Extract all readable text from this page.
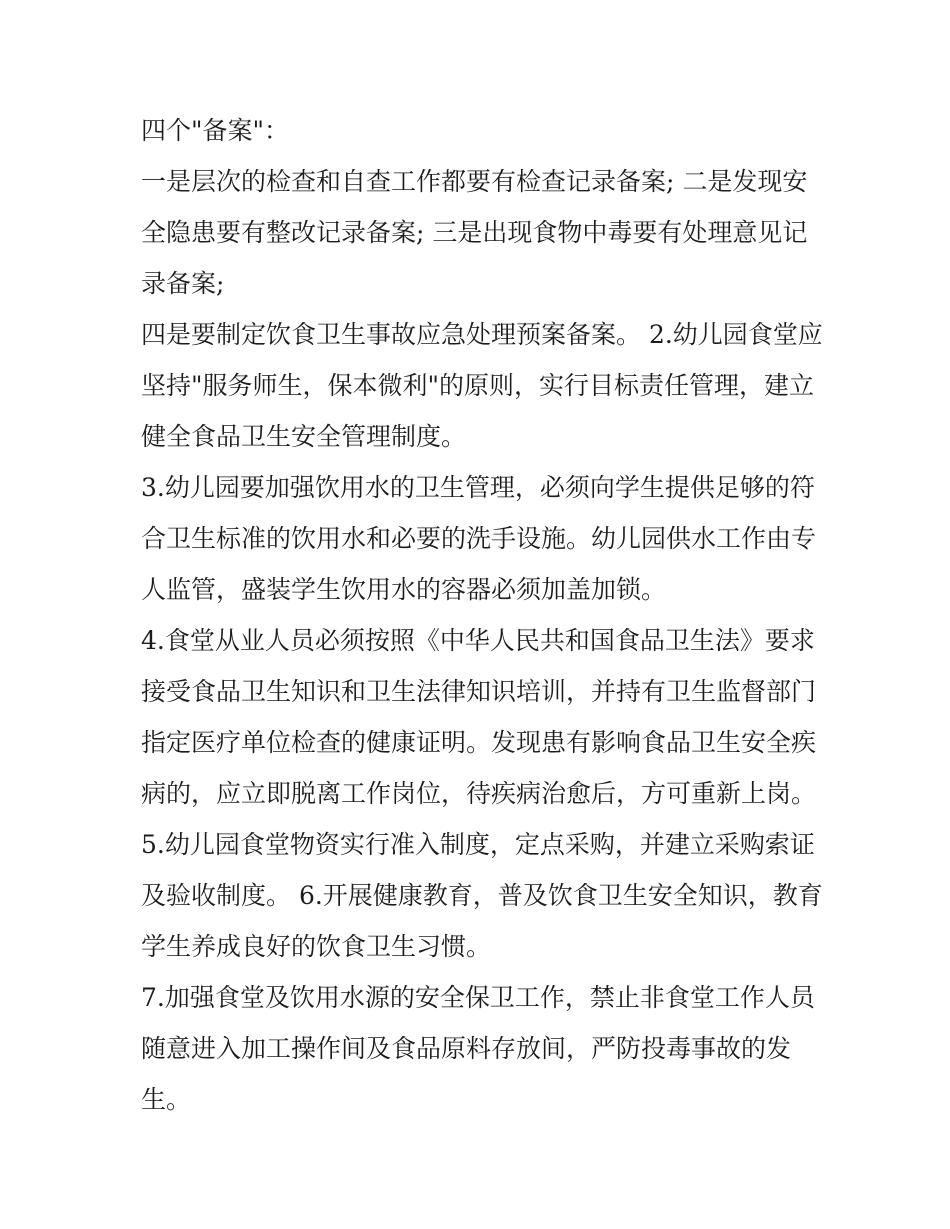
四个"备案"：
一是层次的检查和自查工作都要有检查记录备案; 二是发现安
全隐患要有整改记录备案; 三是出现食物中毒要有处理意见记
录备案;
四是要制定饮食卫生事故应急处理预案备案。 2.幼儿园食堂应
坚持"服务师生，保本微利"的原则，实行目标责任管理，建立
健全食品卫生安全管理制度。
3.幼儿园要加强饮用水的卫生管理，必须向学生提供足够的符
合卫生标准的饮用水和必要的洗手设施。幼儿园供水工作由专
人监管，盛装学生饮用水的容器必须加盖加锁。
4.食堂从业人员必须按照《中华人民共和国食品卫生法》要求
接受食品卫生知识和卫生法律知识培训，并持有卫生监督部门
指定医疗单位检查的健康证明。发现患有影响食品卫生安全疾
病的，应立即脱离工作岗位，待疾病治愈后，方可重新上岗。
5.幼儿园食堂物资实行准入制度，定点采购，并建立采购索证
及验收制度。 6.开展健康教育，普及饮食卫生安全知识，教育
学生养成良好的饮食卫生习惯。
7.加强食堂及饮用水源的安全保卫工作，禁止非食堂工作人员
随意进入加工操作间及食品原料存放间，严防投毒事故的发
生。
